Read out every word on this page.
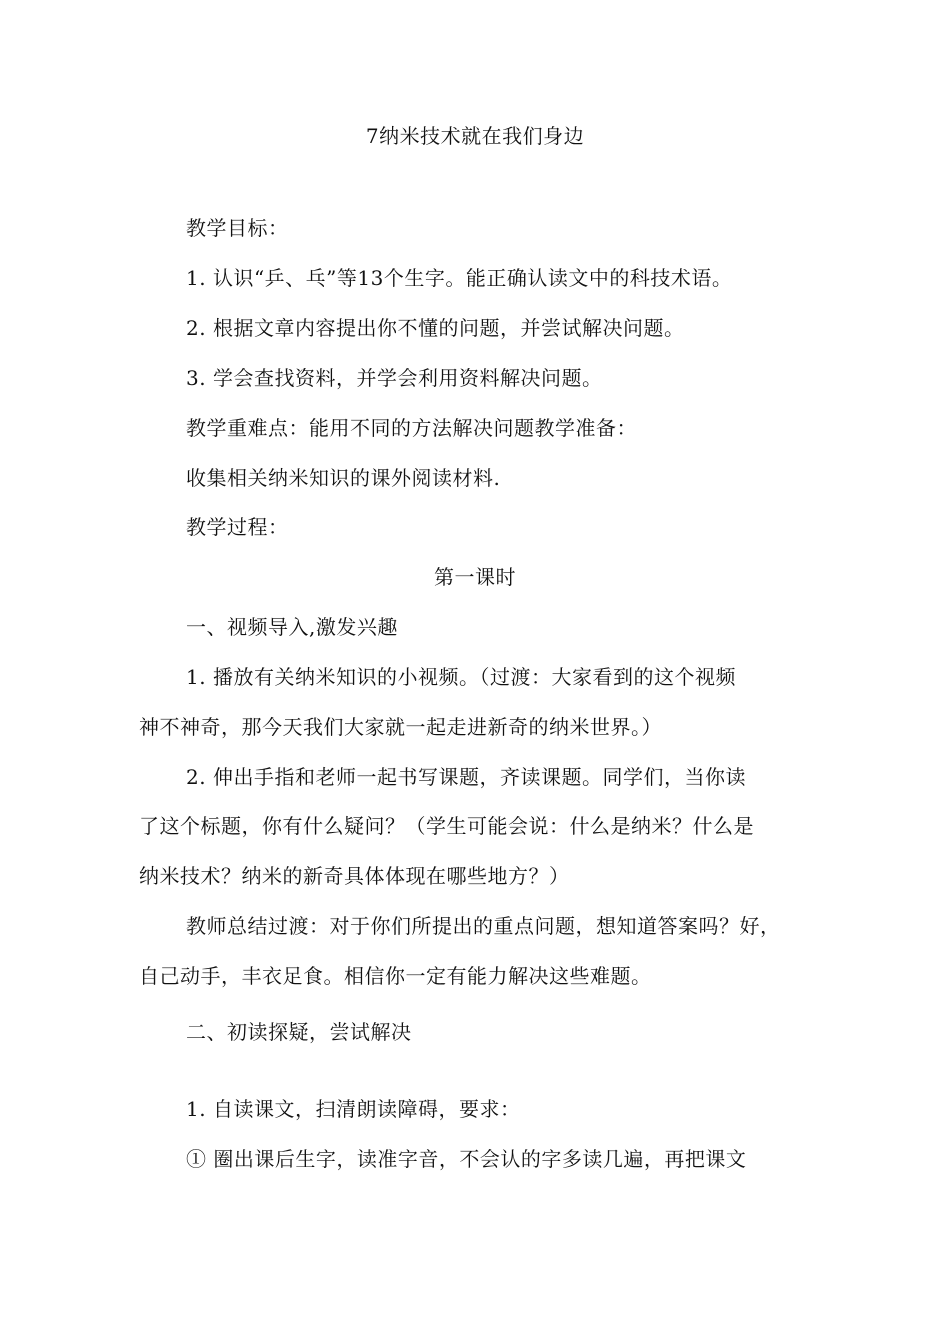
7纳米技术就在我们身边
教学目标：
1. 认识“乒、乓”等13个生字。能正确认读文中的科技术语。
2. 根据文章内容提出你不懂的问题，并尝试解决问题。
3. 学会查找资料，并学会利用资料解决问题。
教学重难点：能用不同的方法解决问题教学准备：
收集相关纳米知识的课外阅读材料.
教学过程：
第一课时
一、视频导入,激发兴趣
1. 播放有关纳米知识的小视频。（过渡：大家看到的这个视频
神不神奇，那今天我们大家就一起走进新奇的纳米世界。）
2. 伸出手指和老师一起书写课题，齐读课题。同学们，当你读
了这个标题，你有什么疑问？（学生可能会说：什么是纳米？什么是
纳米技术？纳米的新奇具体体现在哪些地方？）
教师总结过渡：对于你们所提出的重点问题，想知道答案吗？好，
自己动手，丰衣足食。相信你一定有能力解决这些难题。
二、初读探疑，尝试解决
1. 自读课文，扫清朗读障碍，要求：
① 圈出课后生字，读准字音，不会认的字多读几遍，再把课文
